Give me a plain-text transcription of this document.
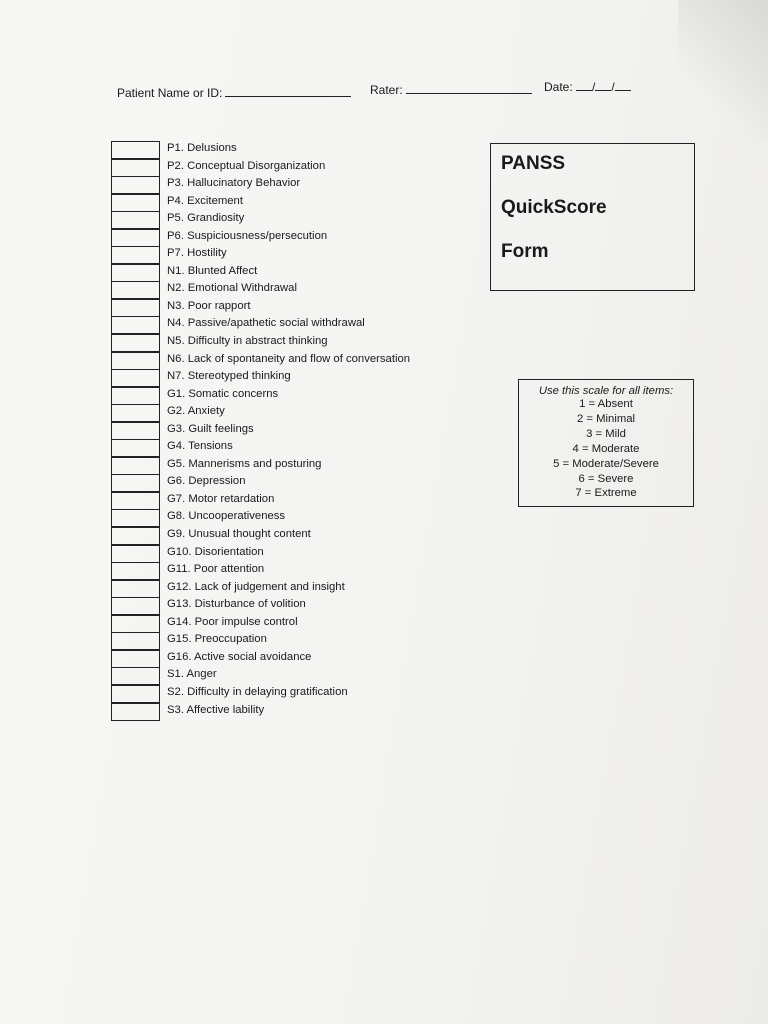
Patient Name or ID:	Rater:	Date: / /
P1. Delusions
P2. Conceptual Disorganization
P3. Hallucinatory Behavior
P4. Excitement
P5. Grandiosity
P6. Suspiciousness/persecution
P7. Hostility
N1. Blunted Affect
N2. Emotional Withdrawal
N3. Poor rapport
N4. Passive/apathetic social withdrawal
N5. Difficulty in abstract thinking
N6. Lack of spontaneity and flow of conversation
N7. Stereotyped thinking
G1. Somatic concerns
G2. Anxiety
G3. Guilt feelings
G4. Tensions
G5. Mannerisms and posturing
G6. Depression
G7. Motor retardation
G8. Uncooperativeness
G9. Unusual thought content
G10. Disorientation
G11. Poor attention
G12. Lack of judgement and insight
G13. Disturbance of volition
G14. Poor impulse control
G15. Preoccupation
G16. Active social avoidance
S1. Anger
S2. Difficulty in delaying gratification
S3. Affective lability
PANSS
QuickScore
Form
Use this scale for all items:
1 = Absent
2 = Minimal
3 = Mild
4 = Moderate
5 = Moderate/Severe
6 = Severe
7 = Extreme
